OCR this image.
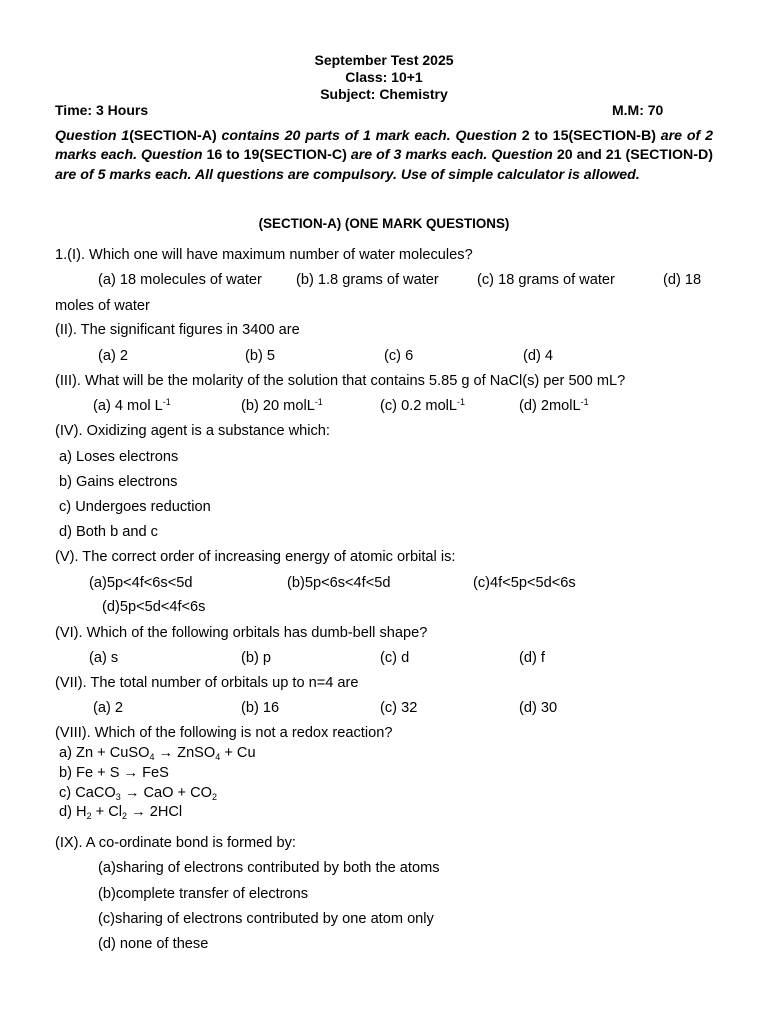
September Test 2025
Class: 10+1
Subject: Chemistry
Time: 3 Hours	M.M: 70
Question 1(SECTION-A) contains 20 parts of 1 mark each. Question 2 to 15(SECTION-B) are of 2 marks each. Question 16 to 19(SECTION-C) are of 3 marks each. Question 20 and 21 (SECTION-D) are of 5 marks each. All questions are compulsory. Use of simple calculator is allowed.
(SECTION-A) (ONE MARK QUESTIONS)
1.(I). Which one will have maximum number of water molecules?
(a) 18 molecules of water (b) 1.8 grams of water	(c) 18 grams of water	(d) 18
moles of water
(II). The significant figures in 3400 are
(a) 2	(b) 5	(c) 6	(d) 4
(III). What will be the molarity of the solution that contains 5.85 g of NaCl(s) per 500 mL?
(a) 4 mol $L^{-1}$	(b) 20 molL$^{-1}$	(c) 0.2 molL$^{-1}$	(d) 2molL$^{-1}$
(IV). Oxidizing agent is a substance which:
a) Loses electrons
b) Gains electrons
c) Undergoes reduction
d) Both b and c
(V). The correct order of increasing energy of atomic orbital is:
(a)5p<4f<6s<5d	(b)5p<6s<4f<5d	(c)4f<5p<5d<6s
(d)5p<5d<4f<6s
(VI). Which of the following orbitals has dumb-bell shape?
(a) s	(b) p	(c) d	(d) f
(VII). The total number of orbitals up to n=4 are
(a) 2	(b) 16	(c) 32	(d) 30
(VIII). Which of the following is not a redox reaction?
a) Zn + CuSO$_4$ → ZnSO$_4$ + Cu
b) Fe + S → FeS
c) CaCO$_3$ → CaO + $CO_2$
d) $H_2 + Cl_2 \to 2HCl$
(IX). A co-ordinate bond is formed by:
(a)sharing of electrons contributed by both the atoms
(b)complete transfer of electrons
(c)sharing of electrons contributed by one atom only
(d) none of these
